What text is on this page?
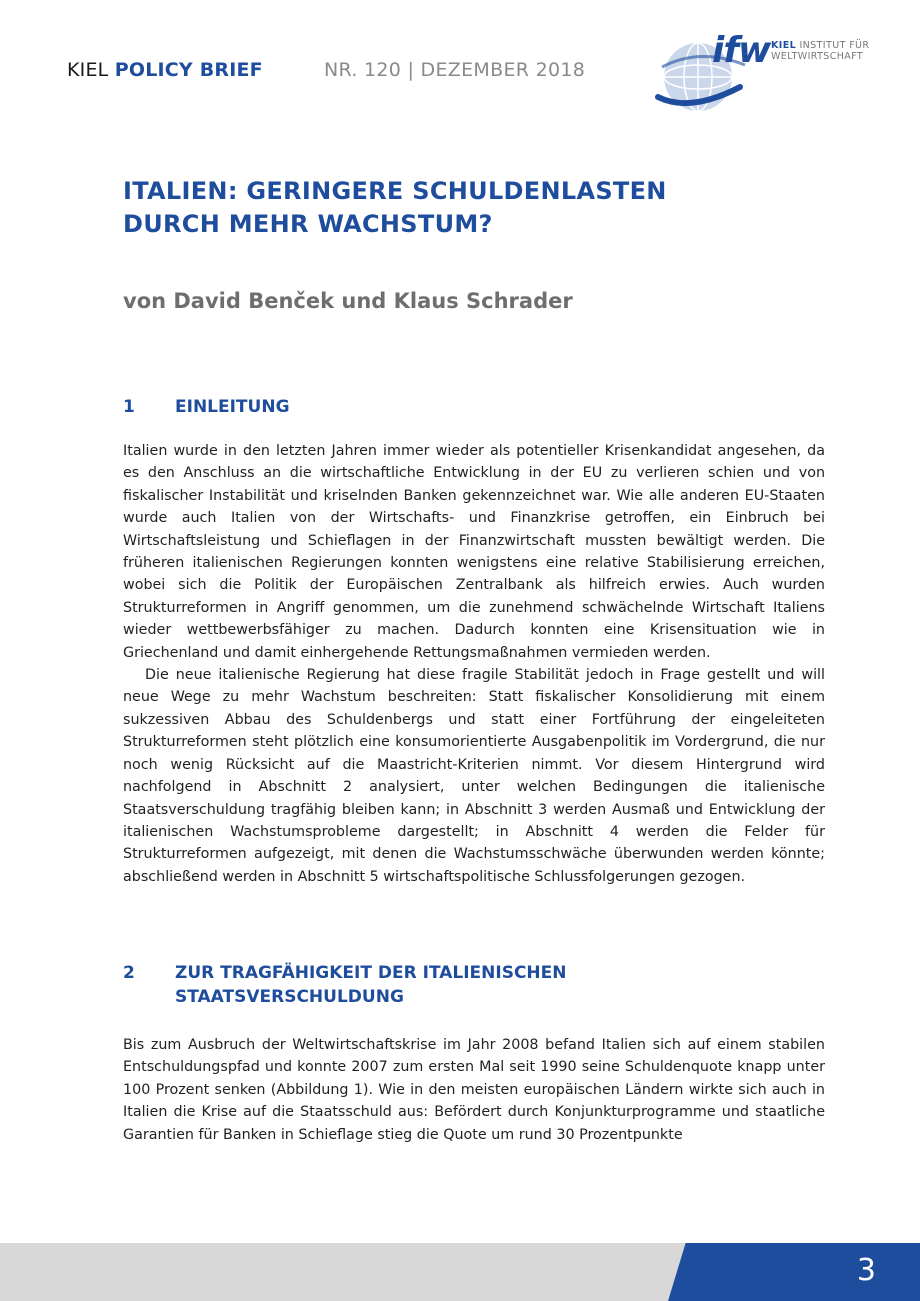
KIEL POLICY BRIEF	NR. 120 | DEZEMBER 2018	ifw KIEL INSTITUT FÜR
WELTWIRTSCHAFT
ITALIEN: GERINGERE SCHULDENLASTEN
DURCH MEHR WACHSTUM?
von David Benček und Klaus Schrader
1 EINLEITUNG

Italien wurde in den letzten Jahren immer wieder als potentieller Krisenkandidat angesehen, da es den Anschluss an die wirtschaftliche Entwicklung in der EU zu verlieren schien und von fiskalischer Instabilität und kriselnden Banken gekennzeichnet war. Wie alle anderen EU-Staaten wurde auch Italien von der Wirtschafts- und Finanzkrise getroffen, ein Einbruch bei Wirtschaftsleistung und Schieflagen in der Finanzwirtschaft mussten bewältigt werden. Die früheren italienischen Regierungen konnten wenigstens eine relative Stabilisierung erreichen, wobei sich die Politik der Europäischen Zentralbank als hilfreich erwies. Auch wurden Strukturreformen in Angriff genommen, um die zunehmend schwächelnde Wirtschaft Italiens wieder wettbewerbsfähiger zu machen. Dadurch konnten eine Krisensituation wie in Griechenland und damit einhergehende Rettungsmaßnahmen vermieden werden.

Die neue italienische Regierung hat diese fragile Stabilität jedoch in Frage gestellt und will neue Wege zu mehr Wachstum beschreiten: Statt fiskalischer Konsolidierung mit einem sukzessiven Abbau des Schuldenbergs und statt einer Fortführung der eingeleiteten Strukturreformen steht plötzlich eine konsumorientierte Ausgabenpolitik im Vordergrund, die nur noch wenig Rücksicht auf die Maastricht-Kriterien nimmt. Vor diesem Hintergrund wird nachfolgend in Abschnitt 2 analysiert, unter welchen Bedingungen die italienische Staatsverschuldung tragfähig bleiben kann; in Abschnitt 3 werden Ausmaß und Entwicklung der italienischen Wachstumsprobleme dargestellt; in Abschnitt 4 werden die Felder für Strukturreformen aufgezeigt, mit denen die Wachstumsschwäche überwunden werden könnte; abschließend werden in Abschnitt 5 wirtschaftspolitische Schlussfolgerungen gezogen.

2 ZUR TRAGFÄHIGKEIT DER ITALIENISCHEN
STAATSVERSCHULDUNG

Bis zum Ausbruch der Weltwirtschaftskrise im Jahr 2008 befand Italien sich auf einem stabilen Entschuldungspfad und konnte 2007 zum ersten Mal seit 1990 seine Schuldenquote knapp unter 100 Prozent senken (Abbildung 1). Wie in den meisten europäischen Ländern wirkte sich auch in Italien die Krise auf die Staatsschuld aus: Befördert durch Konjunkturprogramme und staatliche Garantien für Banken in Schieflage stieg die Quote um rund 30 Prozentpunkte

3
